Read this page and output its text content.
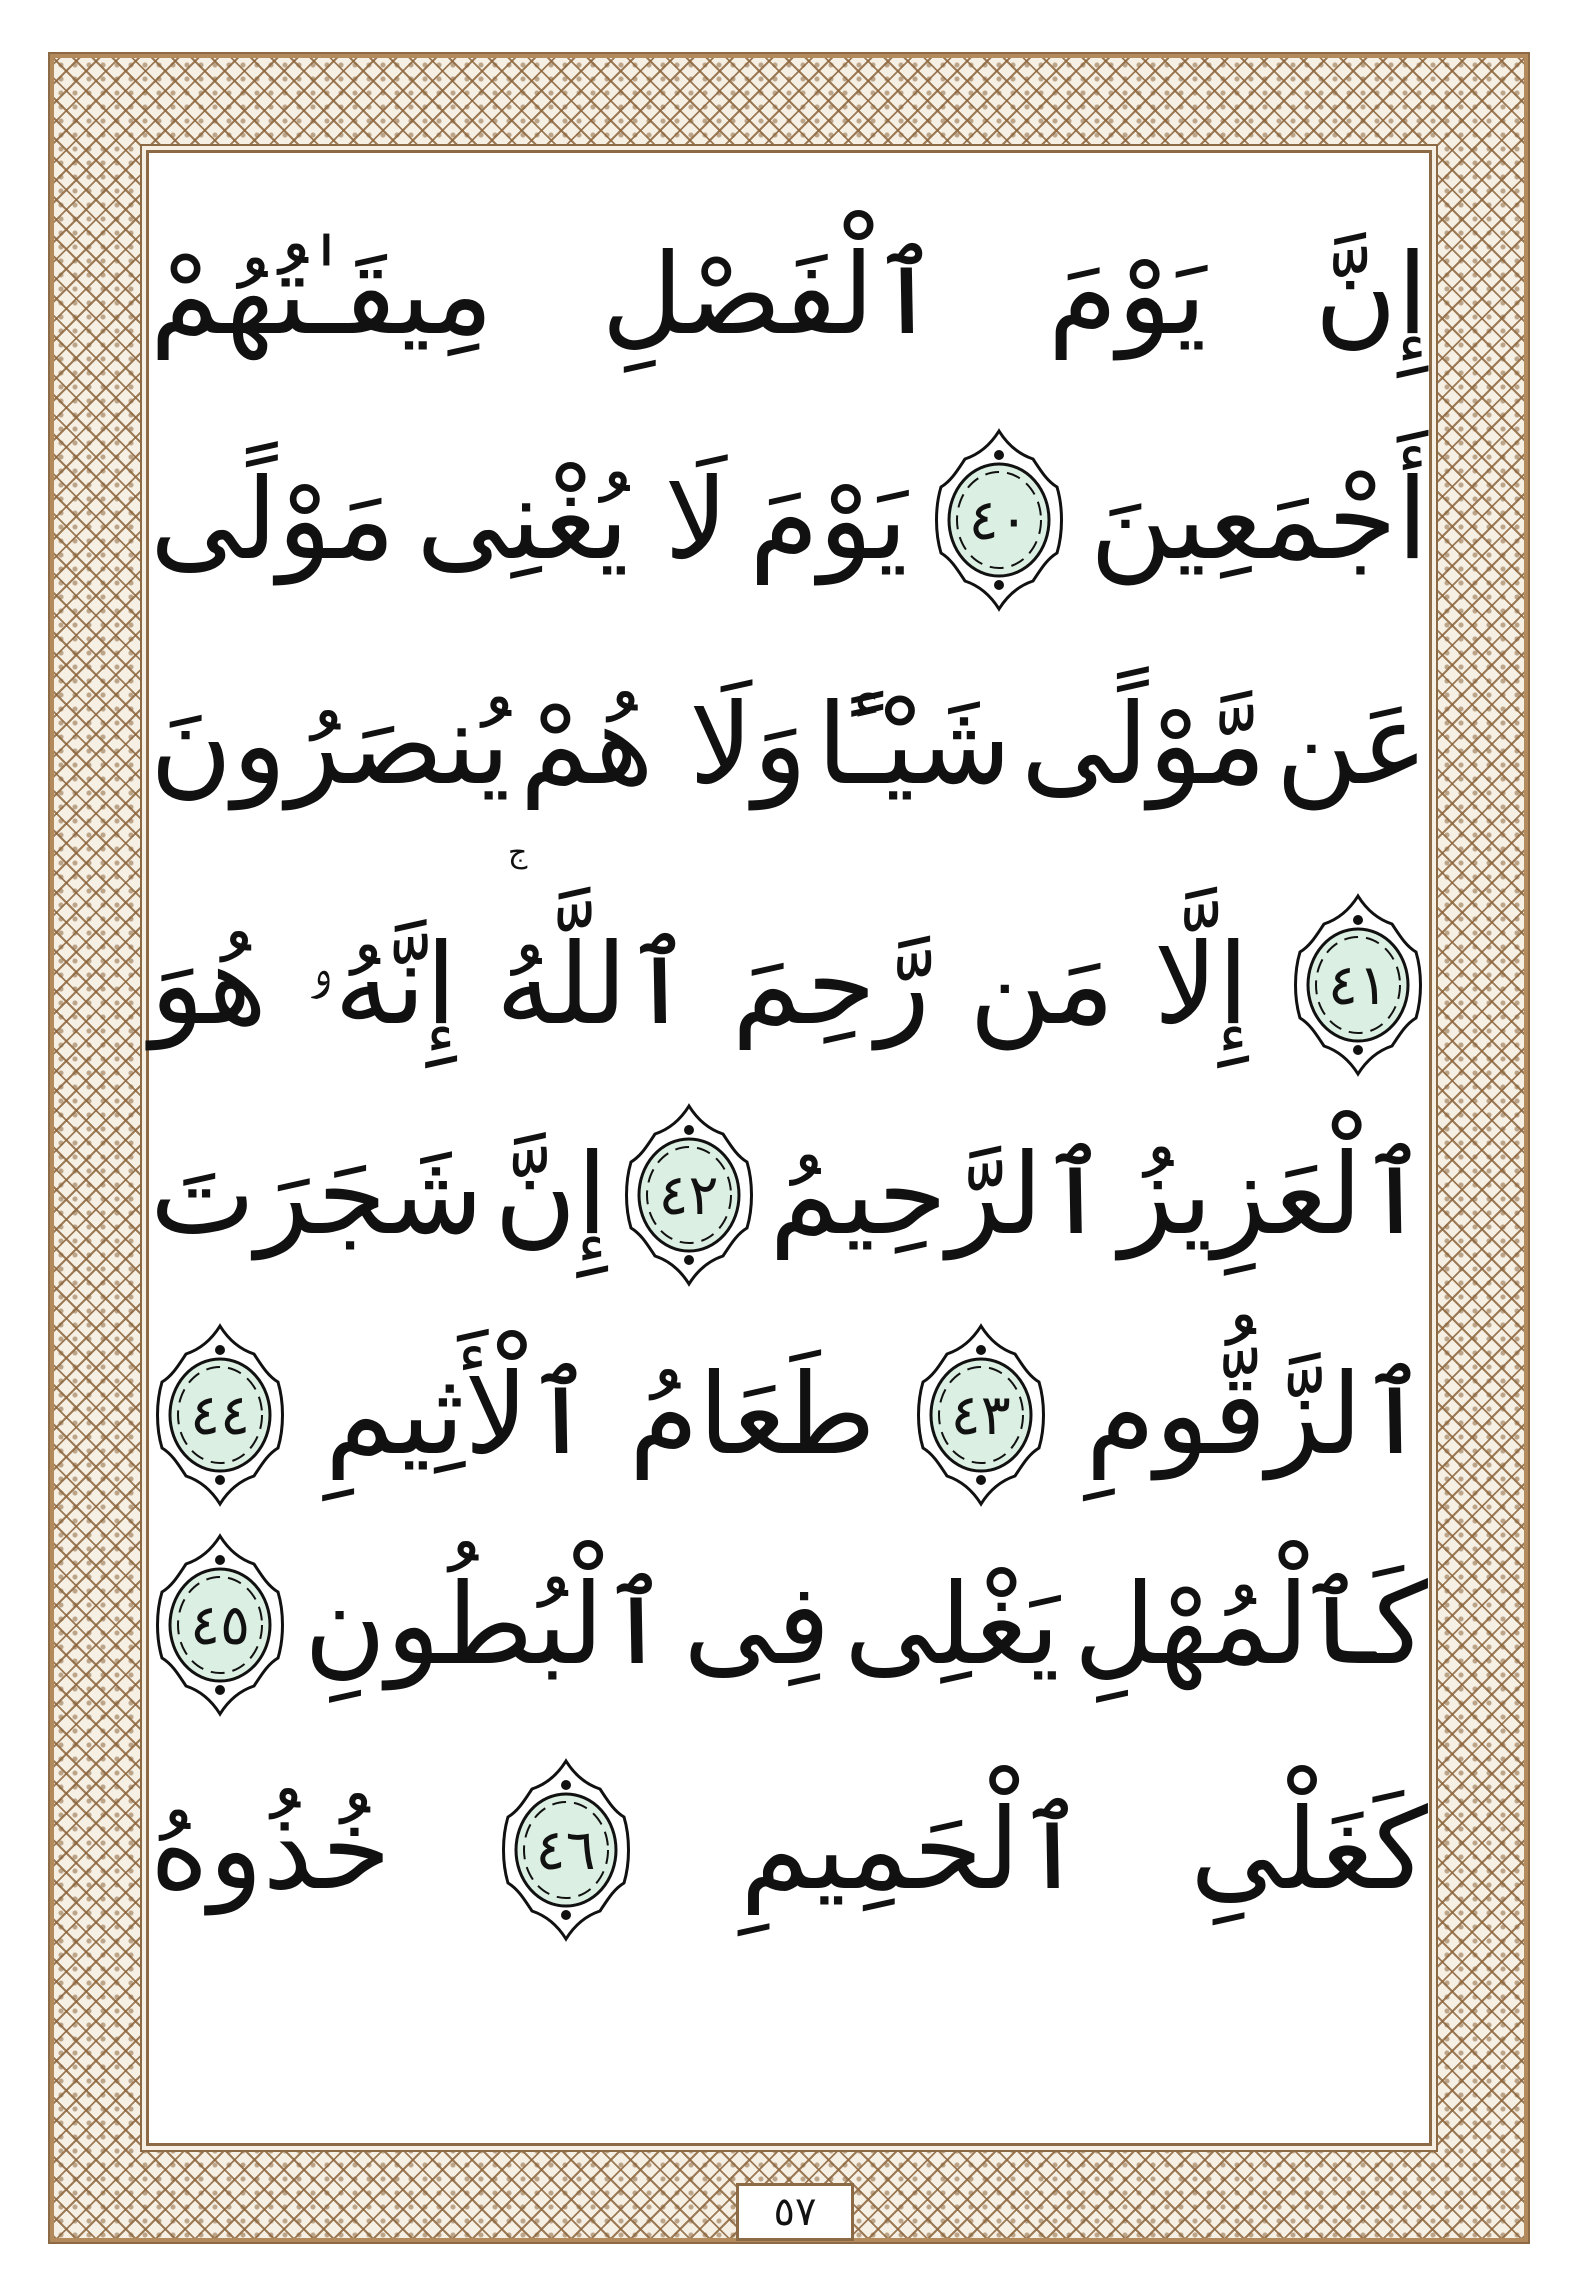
إِنَّ
يَوْمَ
ٱلْفَصْلِ
مِيقَـٰتُهُمْ
أَجْمَعِينَ
٤٠
يَوْمَ
لَا يُغْنِى
مَوْلًى
عَن
مَّوْلًى
شَيْـًٔا
وَلَا هُمْ
يُنصَرُونَ
٤١
إِلَّا
مَن
رَّحِمَ
ٱللَّهُ
إِنَّهُۥ
هُوَ
ٱلْعَزِيزُ
ٱلرَّحِيمُ
٤٢
إِنَّ
شَجَرَتَ
ٱلزَّقُّومِ
٤٣
طَعَامُ
ٱلْأَثِيمِ
٤٤
كَٱلْمُهْلِ
يَغْلِى
فِى
ٱلْبُطُونِ
٤٥
كَغَلْىِ
ٱلْحَمِيمِ
٤٦
خُذُوهُ
ج
٥٧
